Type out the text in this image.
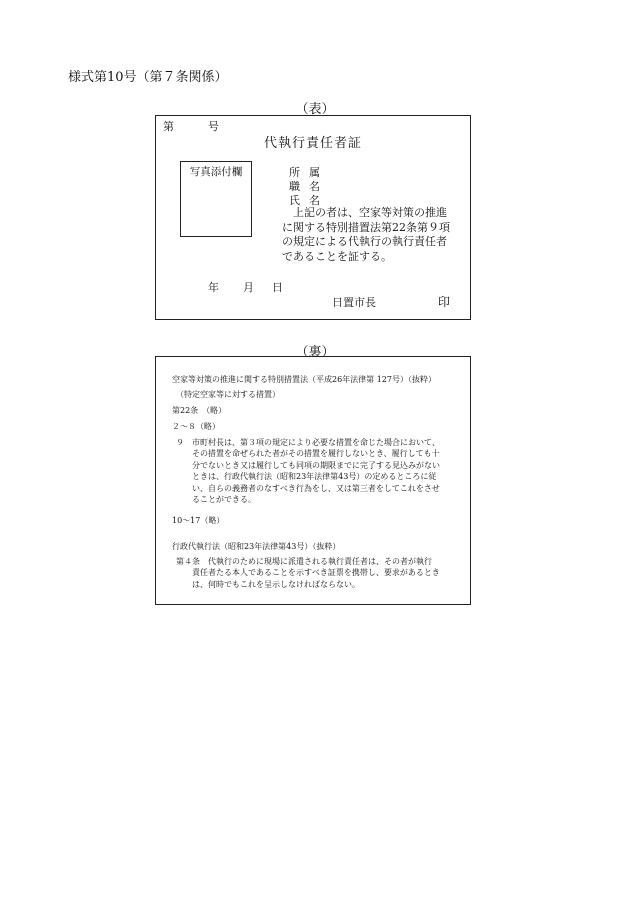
様式第10号（第７条関係）
（表）
第	号
代執行責任者証
写真添付欄	所属
職名
氏名
　上記の者は、空家等対策の推進
に関する特別措置法第22条第９項
の規定による代執行の執行責任者
であることを証する。
年 月 日
日置市長	印
（裏）
空家等対策の推進に関する特別措置法（平成26年法律第 127号）（抜粋）
（特定空家等に対する措置）
第22条　（略）
２～８（略）
９　市町村長は、第３項の規定により必要な措置を命じた場合において、
　　その措置を命ぜられた者がその措置を履行しないとき、履行しても十
　　分でないとき又は履行しても同項の期限までに完了する見込みがない
　　ときは、行政代執行法（昭和23年法律第43号）の定めるところに従
　　い、自らの義務者のなすべき行為をし、又は第三者をしてこれをさせ
　　ることができる。
10～17（略）
行政代執行法（昭和23年法律第43号）（抜粋）
第４条　代執行のために現場に派遣される執行責任者は、その者が執行
　　責任者たる本人であることを示すべき証票を携帯し、要求があるとき
　　は、何時でもこれを呈示しなければならない。
